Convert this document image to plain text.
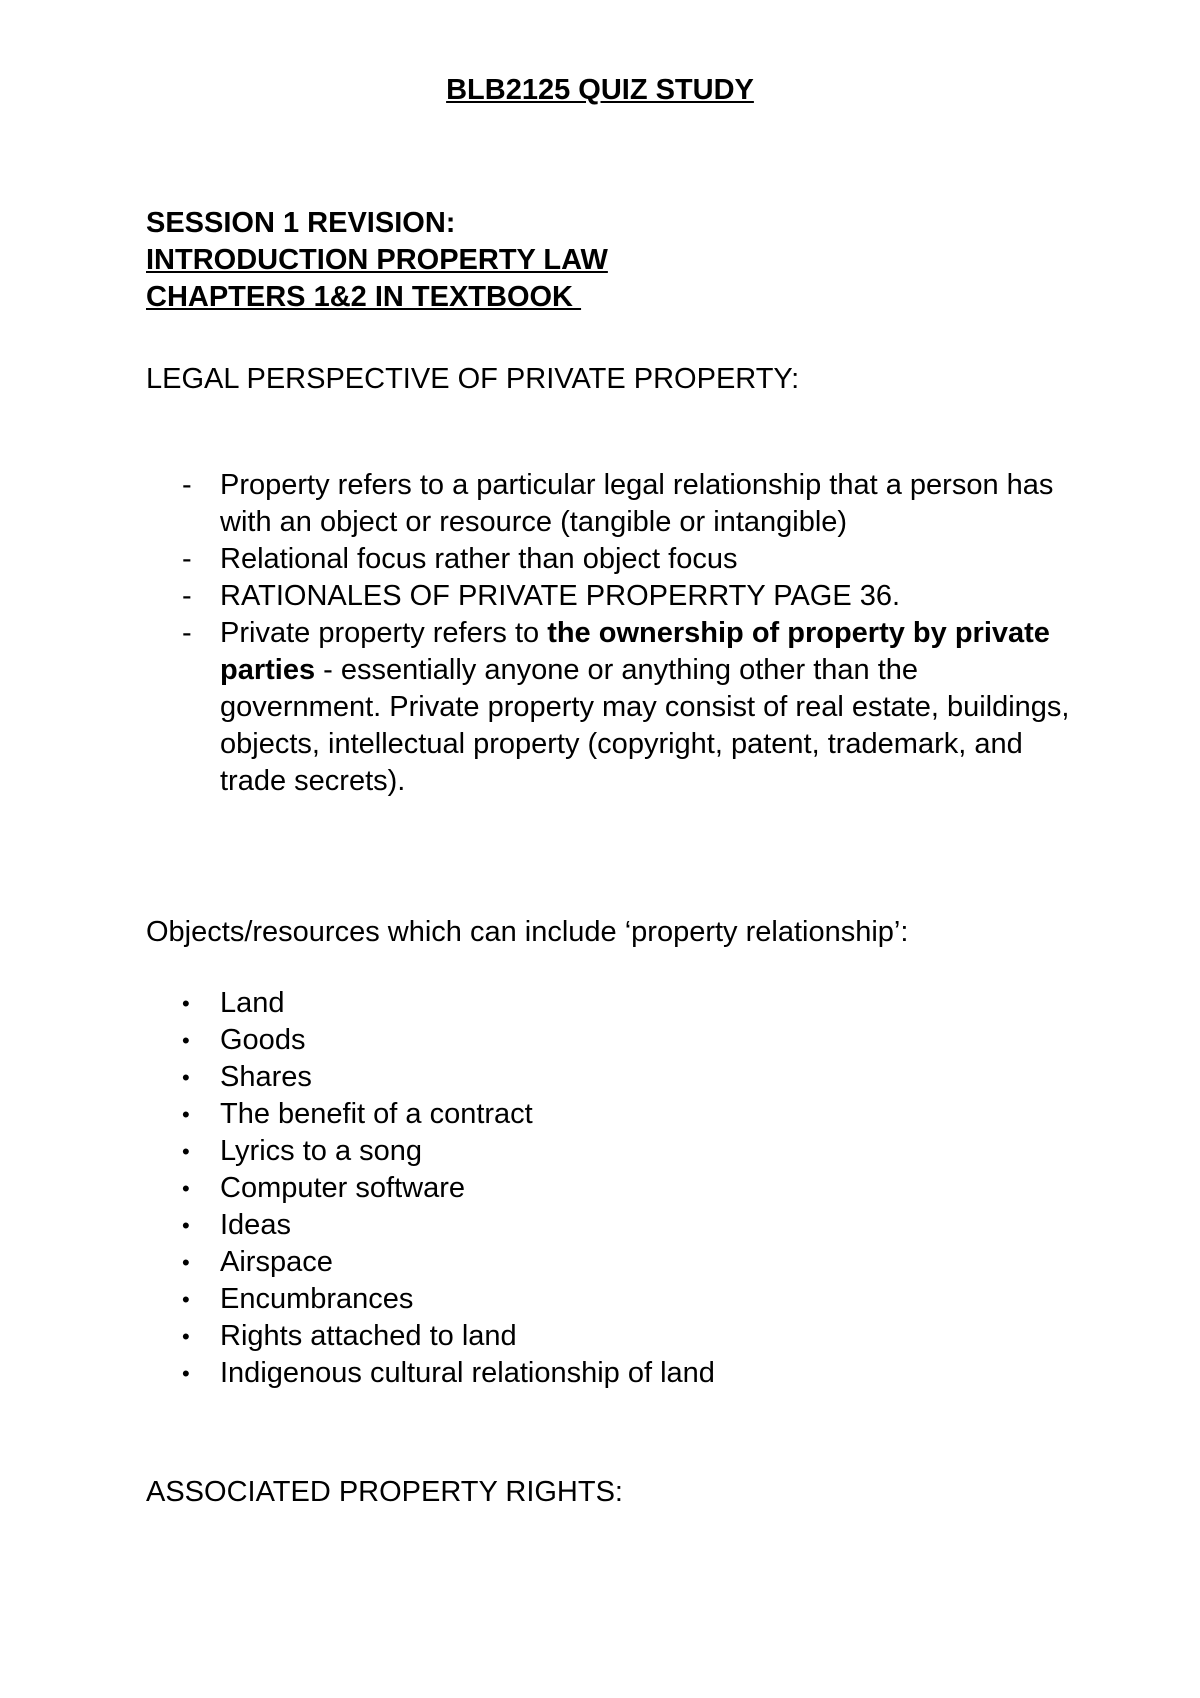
BLB2125 QUIZ STUDY
SESSION 1 REVISION:
INTRODUCTION PROPERTY LAW
CHAPTERS 1&2 IN TEXTBOOK
LEGAL PERSPECTIVE OF PRIVATE PROPERTY:
- Property refers to a particular legal relationship that a person has with an object or resource (tangible or intangible)
- Relational focus rather than object focus
- RATIONALES OF PRIVATE PROPERRTY PAGE 36.
- Private property refers to the ownership of property by private parties - essentially anyone or anything other than the government. Private property may consist of real estate, buildings, objects, intellectual property (copyright, patent, trademark, and trade secrets).
Objects/resources which can include ‘property relationship’:
• Land
• Goods
• Shares
• The benefit of a contract
• Lyrics to a song
• Computer software
• Ideas
• Airspace
• Encumbrances
• Rights attached to land
• Indigenous cultural relationship of land
ASSOCIATED PROPERTY RIGHTS:
